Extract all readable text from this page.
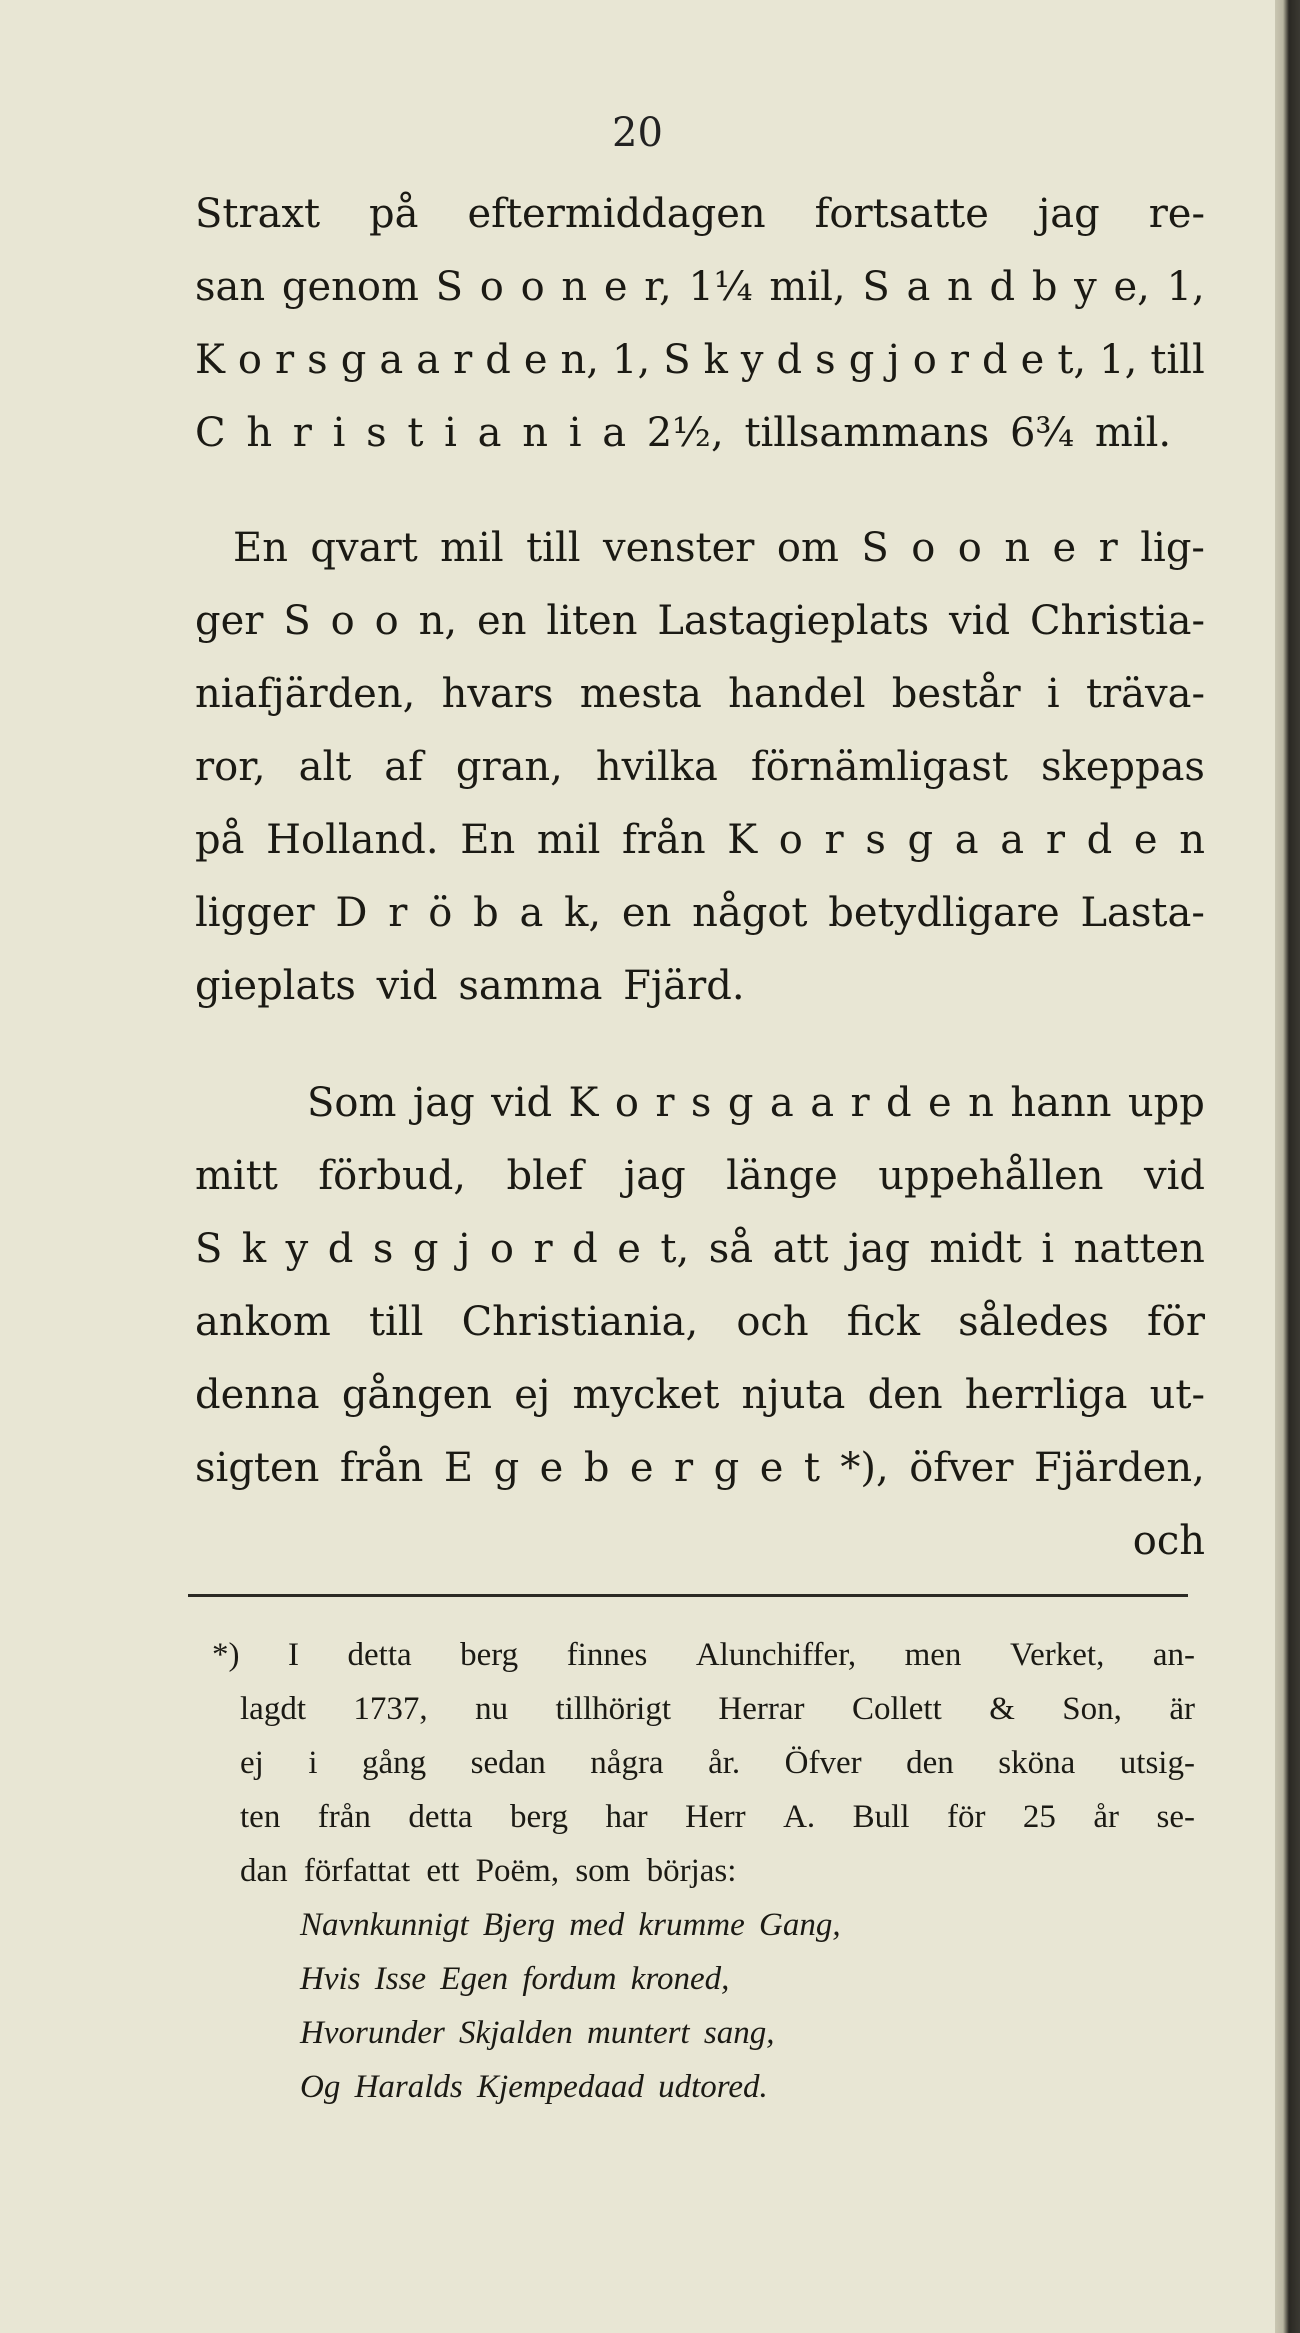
20
Straxt på eftermiddagen fortsatte jag re-
san genom S o o n e r, 1¼ mil, S a n d b y e, 1,
K o r s g a a r d e n, 1, S k y d s g j o r d e t, 1, till
C h r i s t i a n i a 2½, tillsammans 6¾ mil.
En qvart mil till venster om S o o n e r lig-
ger S o o n, en liten Lastagieplats vid Christia-
niafjärden, hvars mesta handel består i träva-
ror, alt af gran, hvilka förnämligast skeppas
på Holland. En mil från K o r s g a a r d e n
ligger D r ö b a k, en något betydligare Lasta-
gieplats vid samma Fjärd.
Som jag vid K o r s g a a r d e n hann upp
mitt förbud, blef jag länge uppehållen vid
S k y d s g j o r d e t, så att jag midt i natten
ankom till Christiania, och fick således för
denna gången ej mycket njuta den herrliga ut-
sigten från E g e b e r g e t *), öfver Fjärden,
och
*) I detta berg finnes Alunchiffer, men Verket, an-
lagdt 1737, nu tillhörigt Herrar Collett & Son, är
ej i gång sedan några år. Öfver den sköna utsig-
ten från detta berg har Herr A. Bull för 25 år se-
dan författat ett Poëm, som börjas:
Navnkunnigt Bjerg med krumme Gang,
Hvis Isse Egen fordum kroned,
Hvorunder Skjalden muntert sang,
Og Haralds Kjempedaad udtored.
